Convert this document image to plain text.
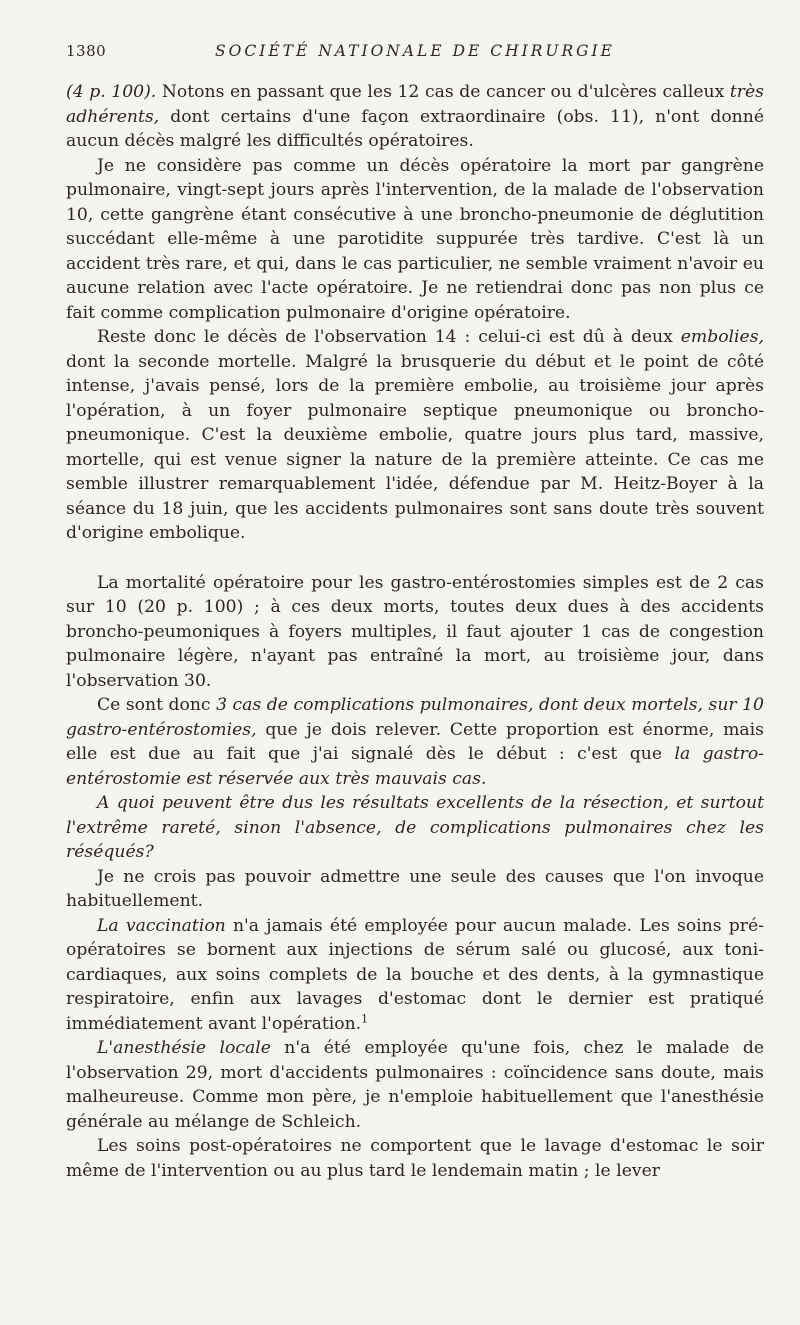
1380	SOCIÉTÉ NATIONALE DE CHIRURGIE

(4 p. 100). Notons en passant que les 12 cas de cancer ou d'ulcères calleux très adhérents, dont certains d'une façon extraordinaire (obs. 11), n'ont donné aucun décès malgré les difficultés opératoires.

Je ne considère pas comme un décès opératoire la mort par gangrène pulmonaire, vingt-sept jours après l'intervention, de la malade de l'observation 10, cette gangrène étant consécutive à une broncho-pneumonie de déglutition succédant elle-même à une parotidite suppurée très tardive. C'est là un accident très rare, et qui, dans le cas particulier, ne semble vraiment n'avoir eu aucune relation avec l'acte opératoire. Je ne retiendrai donc pas non plus ce fait comme complication pulmonaire d'origine opératoire.

Reste donc le décès de l'observation 14 : celui-ci est dû à deux embolies, dont la seconde mortelle. Malgré la brusquerie du début et le point de côté intense, j'avais pensé, lors de la première embolie, au troisième jour après l'opération, à un foyer pulmonaire septique pneumonique ou broncho-pneumonique. C'est la deuxième embolie, quatre jours plus tard, massive, mortelle, qui est venue signer la nature de la première atteinte. Ce cas me semble illustrer remarquablement l'idée, défendue par M. Heitz-Boyer à la séance du 18 juin, que les accidents pulmonaires sont sans doute très souvent d'origine embolique.

La mortalité opératoire pour les gastro-entérostomies simples est de 2 cas sur 10 (20 p. 100) ; à ces deux morts, toutes deux dues à des accidents broncho-peumoniques à foyers multiples, il faut ajouter 1 cas de congestion pulmonaire légère, n'ayant pas entraîné la mort, au troisième jour, dans l'observation 30.

Ce sont donc 3 cas de complications pulmonaires, dont deux mortels, sur 10 gastro-entérostomies, que je dois relever. Cette proportion est énorme, mais elle est due au fait que j'ai signalé dès le début : c'est que la gastro-entérostomie est réservée aux très mauvais cas.

A quoi peuvent être dus les résultats excellents de la résection, et surtout l'extrême rareté, sinon l'absence, de complications pulmonaires chez les réséqués?

Je ne crois pas pouvoir admettre une seule des causes que l'on invoque habituellement.

La vaccination n'a jamais été employée pour aucun malade. Les soins pré-opératoires se bornent aux injections de sérum salé ou glucosé, aux toni-cardiaques, aux soins complets de la bouche et des dents, à la gymnastique respiratoire, enfin aux lavages d'estomac dont le dernier est pratiqué immédiatement avant l'opération.$^1$

L'anesthésie locale n'a été employée qu'une fois, chez le malade de l'observation 29, mort d'accidents pulmonaires : coïncidence sans doute, mais malheureuse. Comme mon père, je n'emploie habituellement que l'anesthésie générale au mélange de Schleich.

Les soins post-opératoires ne comportent que le lavage d'estomac le soir même de l'intervention ou au plus tard le lendemain matin ; le lever
